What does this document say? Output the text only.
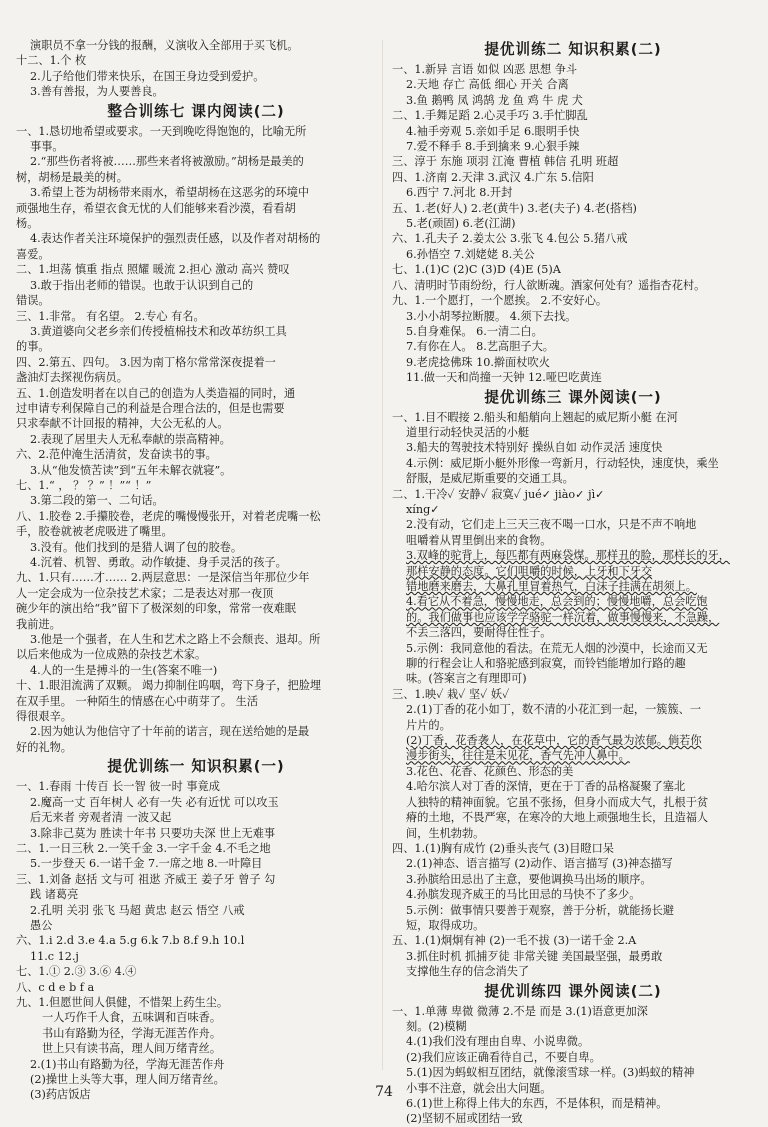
演职员不拿一分钱的报酬，义演收入全部用于买飞机。
十二、1.个 枚
2.儿子给他们带来快乐，在国王身边受到爱护。
3.善有善报，为人要善良。
整合训练七 课内阅读(二)
一、1.恳切地希望或要求。一天到晚吃得饱饱的，比喻无所
事事。
2.“那些伤者将被……那些来者将被激励。”胡杨是最美的
树，胡杨是最美的树。
3.希望上苍为胡杨带来雨水，希望胡杨在这恶劣的环境中
顽强地生存，希望衣食无忧的人们能够来看沙漠，看看胡
杨。
4.表达作者关注环境保护的强烈责任感，以及作者对胡杨的
喜爱。
二、1.坦荡 慎重 指点 照耀 暖流 2.担心 激动 高兴 赞叹
3.敢于指出老师的错误。也敢于认识到自己的
错误。
三、1.非常。 有名望。 2.专心 有名。
3.黄道婆向父老乡亲们传授植棉技术和改革纺织工具
的事。
四、2.第五、四句。 3.因为南丁格尔常常深夜提着一
盏油灯去探视伤病员。
五、1.创造发明者在以自己的创造为人类造福的同时，通
过申请专利保障自己的利益是合理合法的，但是也需要
只求奉献不计回报的精神，大公无私的人。
2.表现了居里夫人无私奉献的崇高精神。
六、2.范仲淹生活清贫，发奋读书的事。
3.从“他发愤苦读”到“五年未解衣就寝”。
七、1.“ ， ？ ？” ！”“ ！”
3.第二段的第一、二句话。
八、1.胶卷 2.手攥胶卷，老虎的嘴慢慢张开，对着老虎嘴一松
手，胶卷就被老虎吸进了嘴里。
3.没有。他们找到的是猎人调了包的胶卷。
4.沉着、机智、勇敢。动作敏捷、身手灵活的孩子。
九、1.只有……才…… 2.两层意思：一是深信当年那位少年
人一定会成为一位杂技艺术家；二是表达对那一夜顶
碗少年的演出给“我”留下了极深刻的印象，常常一夜难眠
我前进。
3.他是一个强者，在人生和艺术之路上不会颓丧、退却。所
以后来他成为一位成熟的杂技艺术家。
4.人的一生是搏斗的一生(答案不唯一)
十、1.眼泪流满了双颗。 竭力抑制住呜咽，弯下身子，把脸埋
在双手里。 一种陌生的情感在心中萌芽了。 生活
得很艰辛。
2.因为她认为他信守了十年前的诺言，现在送给她的是最
好的礼物。
提优训练一 知识积累(一)
一、1.春雨 十传百 长一智 彼一时 事竟成
2.魔高一丈 百年树人 必有一失 必有近忧 可以攻玉
后无来者 旁观者清 一波又起
3.除非己莫为 胜读十年书 只要功夫深 世上无难事
二、1.一日三秋 2.一笑千金 3.一字千金 4.不毛之地
5.一步登天 6.一诺千金 7.一席之地 8.一叶障目
三、1.刘备 赵括 文与可 祖逖 齐威王 姜子牙 曾子 勾
践 诸葛亮
2.孔明 关羽 张飞 马超 黄忠 赵云 悟空 八戒
愚公
六、1.i 2.d 3.e 4.a 5.g 6.k 7.b 8.f 9.h 10.l
11.c 12.j
七、1.① 2.③ 3.⑥ 4.④
八、c d e b f a
九、1.但愿世间人俱健，不惜架上药生尘。
一人巧作千人食，五味调和百味香。
书山有路勤为径，学海无涯苦作舟。
世上只有读书高，理人间万绪青丝。
2.(1)书山有路勤为径，学海无涯苦作舟
(2)操世上头等大事，理人间万绪青丝。
(3)药店饭店
提优训练二 知识积累(二)
一、1.新异 言语 如似 凶恶 思想 争斗
2.天地 存亡 高低 细心 开关 合离
3.鱼 鹅鸭 凤 鸿鹄 龙 鱼 鸡 牛 虎 犬
二、1.手舞足蹈 2.心灵手巧 3.手忙脚乱
4.袖手旁观 5.亲如手足 6.眼明手快
7.爱不释手 8.手到擒来 9.心狠手辣
三、淳于 东施 项羽 江淹 曹植 韩信 孔明 班超
四、1.济南 2.天津 3.武汉 4.广东 5.信阳
6.西宁 7.河北 8.开封
五、1.老(好人) 2.老(黄牛) 3.老(夫子) 4.老(搭档)
5.老(顽固) 6.老(江湖)
六、1.孔夫子 2.姜太公 3.张飞 4.包公 5.猪八戒
6.孙悟空 7.刘姥姥 8.关公
七、1.(1)C (2)C (3)D (4)E (5)A
八、清明时节雨纷纷，行人欲断魂。酒家何处有？遥指杏花村。
九、1.一个愿打，一个愿挨。 2.不安好心。
3.小小胡琴拉断腰。 4.须下去找。
5.自身难保。 6.一清二白。
7.有你在人。 8.艺高胆子大。
9.老虎捻佛珠 10.擀面杖吹火
11.做一天和尚撞一天钟 12.哑巴吃黄连
提优训练三 课外阅读(一)
一、1.目不暇接 2.船头和船艄向上翘起的威尼斯小艇 在河
道里行动轻快灵活的小艇
3.船夫的驾驶技术特别好 操纵自如 动作灵活 速度快
4.示例：威尼斯小艇外形像一弯新月，行动轻快，速度快，乘坐
舒服，是威尼斯重要的交通工具。
二、1.干冷✓ 安静✓ 寂寞✓ jué✓ jiào✓ jì✓
xíng✓
2.没有动，它们走上三天三夜不喝一口水，只是不声不响地
咀嚼着从胃里倒出来的食物。
3.双峰的驼背上，每匹都有两麻袋煤。那样丑的脸，那样长的牙，
那样安静的态度。它们咀嚼的时候，上牙和下牙交
错地磨来磨去，大鼻孔里冒着热气，白沫子挂满在胡须上。
4.看它从不着急，慢慢地走，总会到的；慢慢地嚼，总会吃饱
的。我们做事也应该学学骆驼一样沉着，做事慢慢来，不急躁，
不丢三落四，要耐得住性子。
5.示例：我同意他的看法。在荒无人烟的沙漠中，长途而又无
聊的行程会让人和骆驼感到寂寞，而铃铛能增加行路的趣
味。(答案言之有理即可)
三、1.映✓ 栽✓ 坚✓ 妖✓
2.(1)丁香的花小如丁，数不清的小花汇到一起，一簇簇、一
片片的。
(2)丁香，花香袭人，在花草中，它的香气最为浓郁。倘若你
漫步街头，往往是未见花，香气先冲人鼻中。
3.花色、花香、花颜色、形态的美
4.哈尔滨人对丁香的深情，更在于丁香的品格凝聚了塞北
人独特的精神面貌。它虽不张扬，但身小而成大气，扎根于贫
瘠的土地，不畏严寒，在寒冷的大地上顽强地生长，且造福人
间，生机勃勃。
四、1.(1)胸有成竹 (2)垂头丧气 (3)目瞪口呆
2.(1)神态、语言描写 (2)动作、语言描写 (3)神态描写
3.孙膑给田忌出了主意，要他调换马出场的顺序。
4.孙膑发现齐威王的马比田忌的马快不了多少。
5.示例：做事情只要善于观察，善于分析，就能扬长避
短，取得成功。
五、1.(1)炯炯有神 (2)一毛不拔 (3)一诺千金 2.A
3.抓住时机 抓捕歹徒 非常关键 美国最坚强，最勇敢
支撑他生存的信念消失了
提优训练四 课外阅读(二)
一、1.单薄 卑微 微薄 2.不是 而是 3.(1)语意更加深
刻。(2)模糊
4.(1)我们没有理由自卑、小说卑微。
(2)我们应该正确看待自己，不要自卑。
5.(1)因为蚂蚁相互团结，就像滚雪球一样。(3)蚂蚁的精神
小事不注意，就会出大问题。
6.(1)世上称得上伟大的东西，不是体积，而是精神。
(2)坚韧不屈或团结一致
74
